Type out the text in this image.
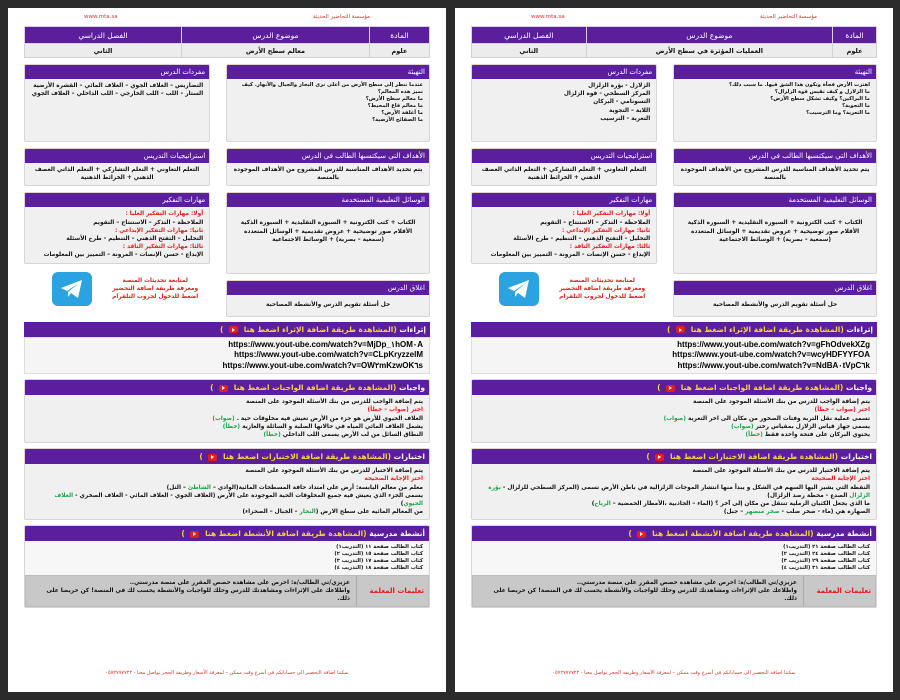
مؤسسة التحاضير الحديثة
www.mta.sa
المادة	موضوع الدرس	الفصل الدراسي
علوم	معالم سطح الأرض	الثاني
التهيئة
عندما ننظر إلى سطح الأرض من أعلى نرى البحار والجبال والأنهار. كيف نميز هذه المعالم؟
ما معالم سطح الأرض؟
ما معالم قاع المحيط؟
ما أغلفة الأرض؟
ما الصفائح الأرضية؟
مفردات الدرس
التضاريس – الغلاف الجوي – الغلاف المائي – القشرة الأرضية
الستار – اللب – اللب الخارجي – اللب الداخلي – الغلاف الجوي
الأهداف التي سيكتسبها الطالب في الدرس
يتم تحديد الأهداف المناسبة للدرس المشروح من الأهداف الموجودة بالمنصة
استراتيجيات التدريس
التعلم التعاوني + التعلم التشاركي + التعلم الذاتي العصف الذهني + الخرائط الذهنية
الوسائل التعليمية المستخدمة
الكتاب + كتب الكترونية + السبورة التقليدية + السبورة الذكية الأقلام صور توضيحية + عروض تقديمية + الوسائل المتعددة (سمعية – بصرية) + الوسائط الاجتماعية
اغلاق الدرس
حل أسئلة تقويم الدرس والأنشطة المصاحبة
مهارات التفكير
أولا: مهارات التفكير العليا :
الملاحظة – التذكر – الاستنتاج – التقويم
ثانيا: مهارات التفكير الإبداعي :
التحليل – التفتح الذهني – التنظيم - طرح الأسئلة
ثالثا: مهارات التفكير الناقد :
الإبداع - حسن الإنصات - المرونة – التمييز بين المعلومات
لمتابعة تحديثات المنصة
ومعرفة طريقة اضافة التحضير
اضغط للدخول لجروب التلقرام
إثراءات (المشاهدة طريقة اضافة الإثراء اضغط هنا  )
https://www.yout-ube.com/watch?v=MjDp_١hOM٠A
https://www.yout-ube.com/watch?v=CLpKryzzelM
https://www.yout-ube.com/watch?v=OW٢mKzwOK٦s
واجبات (المشاهدة طريقة اضافة الواجبات اضغط هنا  )
يتم إضافة الواجب للدرس من بنك الأسئلة الموجود على المنصة
اختر (صواب – خطأ)
الغلاف الحيوي للأرض هو جزء من الأرض تعيش فيه مخلوقات حية . (صواب)
يشمل الغلاف المائي المياه في حالاتها الصلبة و السائلة والغازية (خطأ)
النطاق السائل من لب الأرض يسمى اللب الداخلي (خطأ)
اختبارات (المشاهدة طريقة اضافة الاختبارات اضغط هنا  )
يتم إضافة الاختبار للدرس من بنك الأسئلة الموجود على المنصة
اختر الإجابة الصحيحة
معلم من معالم اليابسة: أرض على امتداد حافة المسطحات المائية(الوادي – الشاطئ – التل)
يسمى الجزء الذي يعيش فيه جميع المخلوقات الحية الموجودة على الأرض (الغلاف الجوي - الغلاف المائي - الغلاف الصخري - الغلاف الحيوي)
من المعالم المائيه على سطح الارض (البحار – الجبال – الصحراء)
أنشطة مدرسية (المشاهدة طريقة اضافة الأنشطة اضغط هنا  )
كتاب الطالب صفحة ١١ (التدريب١)
كتاب الطالب صفحة ١٥ (التدريب ٢)
كتاب الطالب صفحة ١٧ (التدريب ٣)
كتاب الطالب صفحة ١٨ (التدريب ٤)
تعليمات المعلمة
عزيزي/تي الطالب/ة: احرص على مشاهدة حصص المقرر على منصة مدرستي..
واطلاعك على الإثراءات ومشاهدتك للدرس وحلك للواجبات والأنشطة يحسب لك في المنصة! كن حريصا على ذلك.
يمكننا اضافة التحضير الى حساباتكم في أسرع وقت ممكن – لمعرفة الأسعار وطريقة الحجز تواصل معنا - ٠٥٧٢٧٧٧٧٢٢
مؤسسة التحاضير الحديثة
www.mta.sa
المادة	موضوع الدرس	الفصل الدراسي
علوم	العمليات المؤثرة في سطح الأرض	الثاني
التهيئة
اهتزت الأرض فجأة وتكون هذا الشق فيها. ما سبب ذلك؟
ما الزلازل و كيف تقيس قوة الزلزال؟
ما البراكين؟ وكيف تشكل سطح الأرض؟
ما التجوية؟
ما التعرية؟ وما الترسيب؟
مفردات الدرس
الزلازل - بؤرة الزلزال
المركز السطحي - قوة الزلزال
التسونامي - البركان
اللابة – التجوية
التعرية - الترسيب
الأهداف التي سيكتسبها الطالب في الدرس
يتم تحديد الأهداف المناسبة للدرس المشروح من الأهداف الموجودة بالمنصة
استراتيجيات التدريس
التعلم التعاوني + التعلم التشاركي + التعلم الذاتي العصف الذهني + الخرائط الذهنية
الوسائل التعليمية المستخدمة
الكتاب + كتب الكترونية + السبورة التقليدية + السبورة الذكية الأقلام صور توضيحية + عروض تقديمية + الوسائل المتعددة (سمعية – بصرية) + الوسائط الاجتماعية
اغلاق الدرس
حل أسئلة تقويم الدرس والأنشطة المصاحبة
مهارات التفكير
أولا: مهارات التفكير العليا :
الملاحظة – التذكر – الاستنتاج – التقويم
ثانيا: مهارات التفكير الإبداعي :
التحليل – التفتح الذهني – التنظيم - طرح الأسئلة
ثالثا: مهارات التفكير الناقد :
الإبداع - حسن الإنصات - المرونة – التمييز بين المعلومات
لمتابعة تحديثات المنصة
ومعرفة طريقة اضافة التحضير
اضغط للدخول لجروب التلقرام
إثراءات (المشاهدة طريقة اضافة الإثراء اضغط هنا  )
https://www.yout-ube.com/watch?v=gFhOdvekXZg
https://www.yout-ube.com/watch?v=wcyHDFYYFOA
https://www.yout-ube.com/watch?v=NdBA٠tVpC٦k
واجبات (المشاهدة طريقة اضافة الواجبات اضغط هنا  )
يتم إضافة الواجب للدرس من بنك الأسئلة الموجود على المنصة
اختر (صواب – خطأ)
تسمى عملية نقل التربة وفتات الصخور من مكان الى اخر التعرية (صواب)
يسمى جهاز قياس الزلازل بمقياس رختر (صواب)
يحتوي البركان على فتحة واحدة فقط (خطأ)
اختبارات (المشاهدة طريقة اضافة الاختبارات اضغط هنا  )
يتم إضافة الاختبار للدرس من بنك الأسئلة الموجود على المنصة
اختر الإجابة الصحيحة
النقطة التي يشير اليها السهم في الشكل و يبدأ منها انتشار الموجات الزلزالية في باطن الأرض تسمى (المركز السطحي للزلزال - بؤرة الزلزال الصدع - محطة رصد الزلزال)
ما الذي يجعل الكثبان الرملية تنتقل من مكان إلى آخر ؟ (الماء – الجاذبية ،الأمطار الحمضية – الرياح)
الصهارة هي (ماء - صخر صلب - صخر منصهر – جبل)
أنشطة مدرسية (المشاهدة طريقة اضافة الأنشطة اضغط هنا  )
كتاب الطالب صفحة ٢١ (التدريب١)
كتاب الطالب صفحة ٢٤ (التدريب ٢)
كتاب الطالب صفحة ٢٩ (التدريب ٣)
كتاب الطالب صفحة ٣١ (التدريب ٤)
تعليمات المعلمة
عزيزي/تي الطالب/ة: احرص على مشاهدة حصص المقرر على منصة مدرستي..
واطلاعك على الإثراءات ومشاهدتك للدرس وحلك للواجبات والأنشطة يحسب لك في المنصة! كن حريصا على ذلك.
يمكننا اضافة التحضير الى حساباتكم في أسرع وقت ممكن – لمعرفة الأسعار وطريقة الحجز تواصل معنا - ٠٥٧٢٧٧٧٧٢٢
